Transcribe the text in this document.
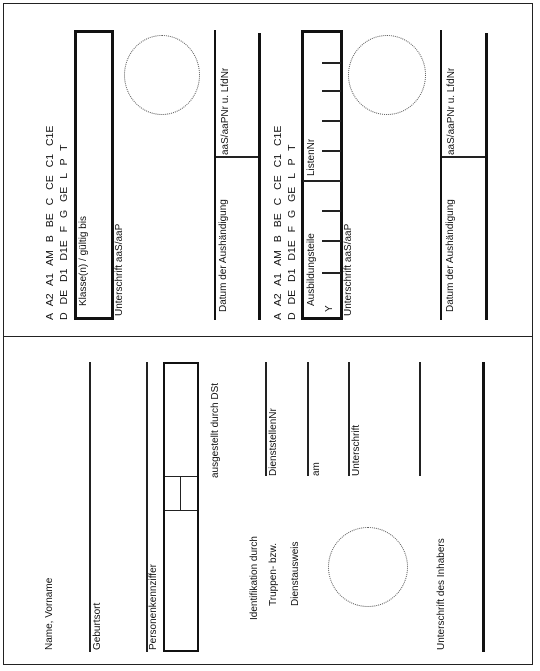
A A2 A1 AM B BE C CE C1 C1E D DE D1 D1E F G GE L P T Klasse(n) / gültig bis	Unterschrift aaS/aaP	Datum der Aushändigung
aaS/aaPNr u. LfdNr
A A2 A1 AM B BE C CE C1 C1E D DE D1 D1E F G GE L P T Ausbildungsteile
ListenNr
Y Unterschrift aaS/aaP	Datum der Aushändigung
aaS/aaPNr u. LfdNr
Name, Vorname	Geburtsort	Personenkennziffer
ausgestellt durch DSt	DienststellenNr	am	Unterschrift
Identifikation durch Truppen- bzw. Dienstausweis	Unterschrift des Inhabers
